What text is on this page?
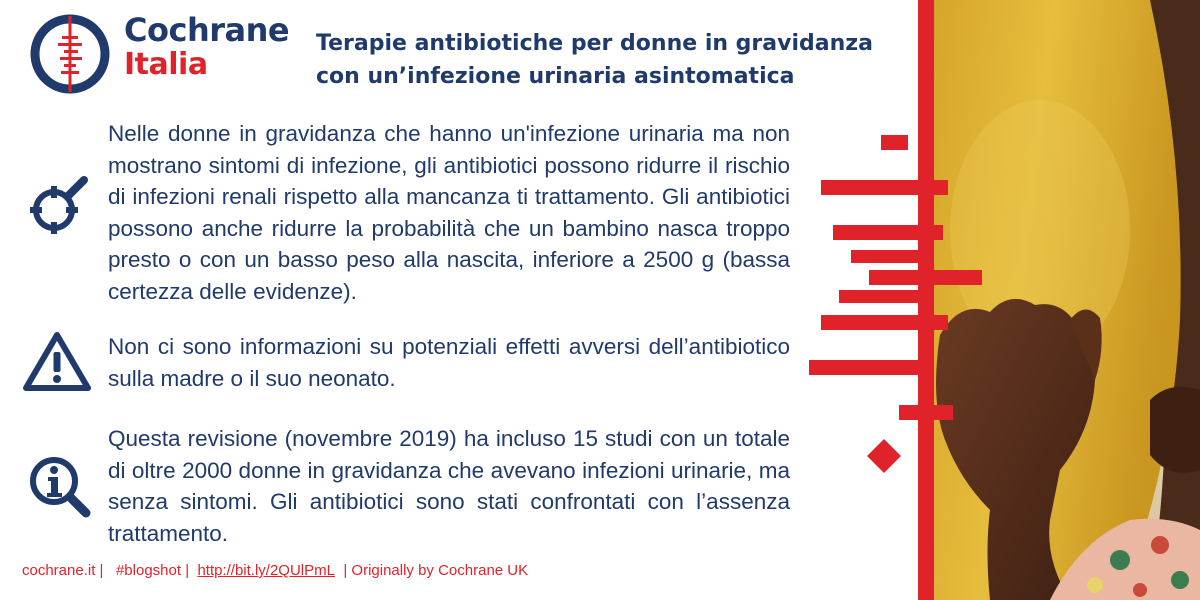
Cochrane
Italia
Terapie antibiotiche per donne in gravidanza
con un’infezione urinaria asintomatica
Nelle donne in gravidanza che hanno un'infezione urinaria ma non mostrano sintomi di infezione, gli antibiotici possono ridurre il rischio di infezioni renali rispetto alla mancanza ti trattamento. Gli antibiotici possono anche ridurre la probabilità che un bambino nasca troppo presto o con un basso peso alla nascita, inferiore a 2500 g (bassa certezza delle evidenze).
Non ci sono informazioni su potenziali effetti avversi dell’antibiotico sulla madre o il suo neonato.
Questa revisione (novembre 2019) ha incluso 15 studi con un totale di oltre 2000 donne in gravidanza che avevano infezioni urinarie, ma senza sintomi. Gli antibiotici sono stati confrontati con l’assenza trattamento.
cochrane.it | #blogshot | http://bit.ly/2QUlPmL | Originally by Cochrane UK
